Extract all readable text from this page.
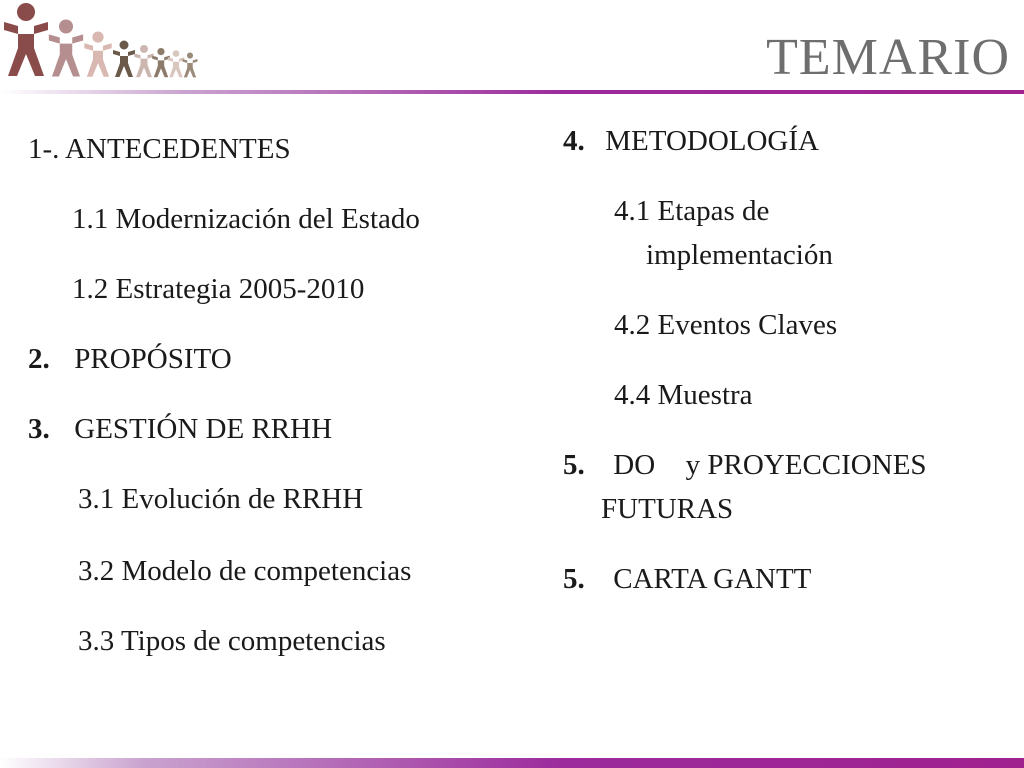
TEMARIO
1-. ANTECEDENTES
1.1 Modernización del Estado
1.2 Estrategia 2005-2010
2. PROPÓSITO
3. GESTIÓN DE RRHH
3.1 Evolución de RRHH
3.2 Modelo de competencias
3.3 Tipos de competencias
4. METODOLOGÍA
4.1 Etapas de
implementación
4.2 Eventos Claves
4.4 Muestra
5. DO y PROYECCIONES
FUTURAS
5. CARTA GANTT
